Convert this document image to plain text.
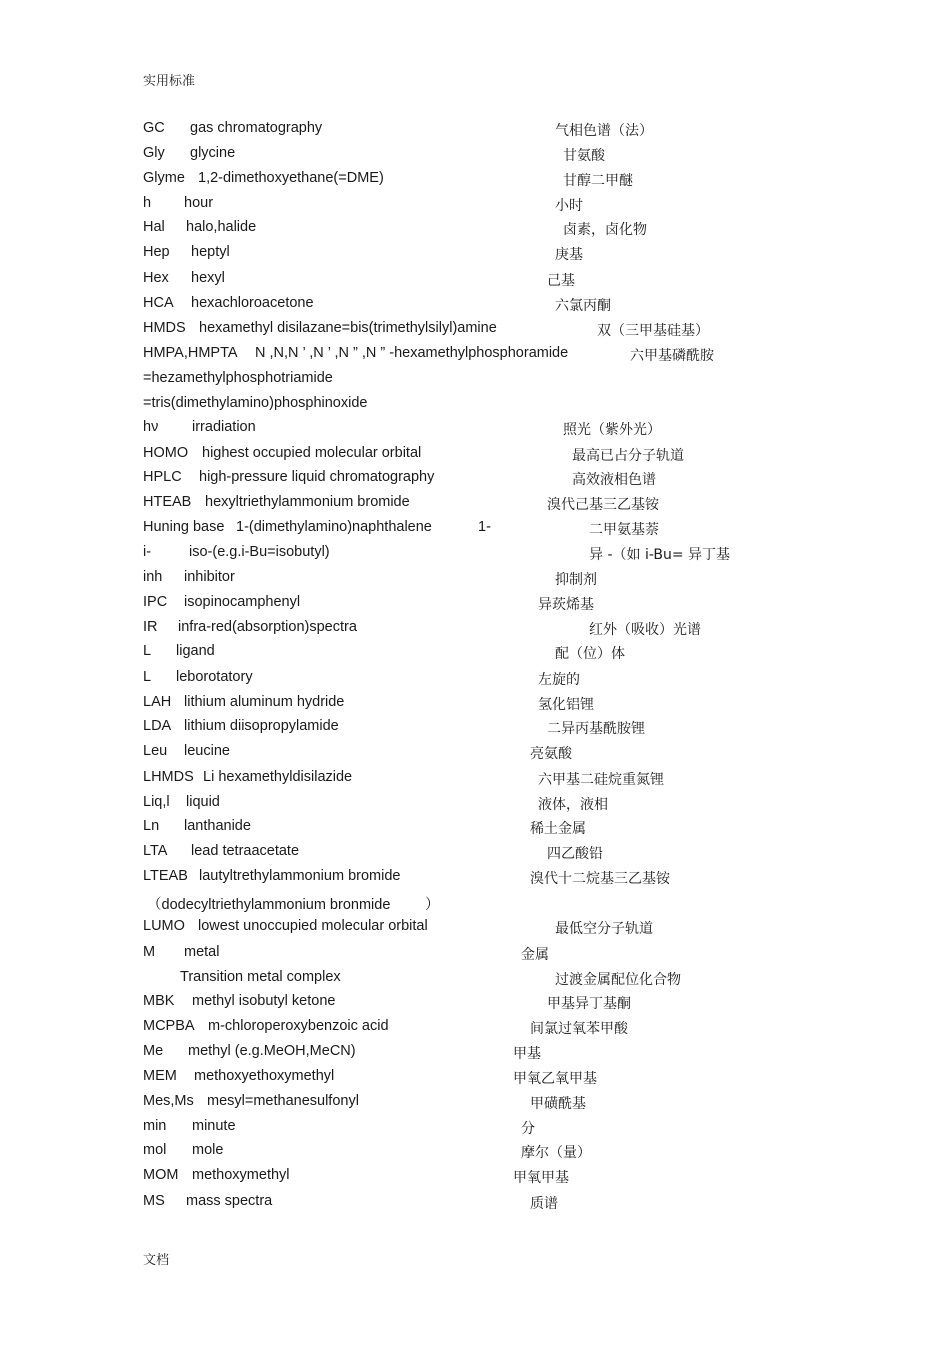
实用标准
GC gas chromatography	气相色谱（法）
Gly glycine	甘氨酸
Glyme 1,2-dimethoxyethane(=DME)	甘醇二甲醚
h hour	小时
Hal halo,halide	卤素，卤化物
Hep heptyl	庚基
Hex hexyl	己基
HCA hexachloroacetone	六氯丙酮
HMDS hexamethyl disilazane=bis(trimethylsilyl)amine	双（三甲基硅基）
HMPA,HMPTA N ,N,N ’ ,N ’ ,N ” ,N ” -hexamethylphosphoramide	六甲基磷酰胺
=hezamethylphosphotriamide
=tris(dimethylamino)phosphinoxide
hν irradiation	照光（紫外光）
HOMO highest occupied molecular orbital	最高已占分子轨道
HPLC high-pressure liquid chromatography	高效液相色谱
HTEAB hexyltriethylammonium bromide	溴代己基三乙基铵
Huning base 1-(dimethylamino)naphthalene	1-	二甲氨基萘
i-	iso-(e.g.i-Bu=isobutyl)	异 -（如 i-Bu= 异丁基
inh inhibitor	抑制剂
IPC isopinocamphenyl	异莰烯基
IR infra-red(absorption)spectra	红外（吸收）光谱
L ligand	配（位）体
L leborotatory	左旋的
LAH lithium aluminum hydride	氢化铝锂
LDA lithium diisopropylamide	二异丙基酰胺锂
Leu leucine	亮氨酸
LHMDS Li hexamethyldisilazide	六甲基二硅烷重氮锂
Liq,l liquid	液体，液相
Ln lanthanide	稀土金属
LTA lead tetraacetate	四乙酸铅
LTEAB lautyltrethylammonium bromide	溴代十二烷基三乙基铵
（dodecyltriethylammonium bronmide ）
LUMO lowest unoccupied molecular orbital	最低空分子轨道
M metal	金属
Transition metal complex	过渡金属配位化合物
MBK methyl isobutyl ketone	甲基异丁基酮
MCPBA m-chloroperoxybenzoic acid	间氯过氧苯甲酸
Me methyl (e.g.MeOH,MeCN)	甲基
MEM methoxyethoxymethyl	甲氧乙氧甲基
Mes,Ms mesyl=methanesulfonyl	甲磺酰基
min minute	分
mol mole	摩尔（量）
MOM methoxymethyl	甲氧甲基
MS mass spectra	质谱
文档
